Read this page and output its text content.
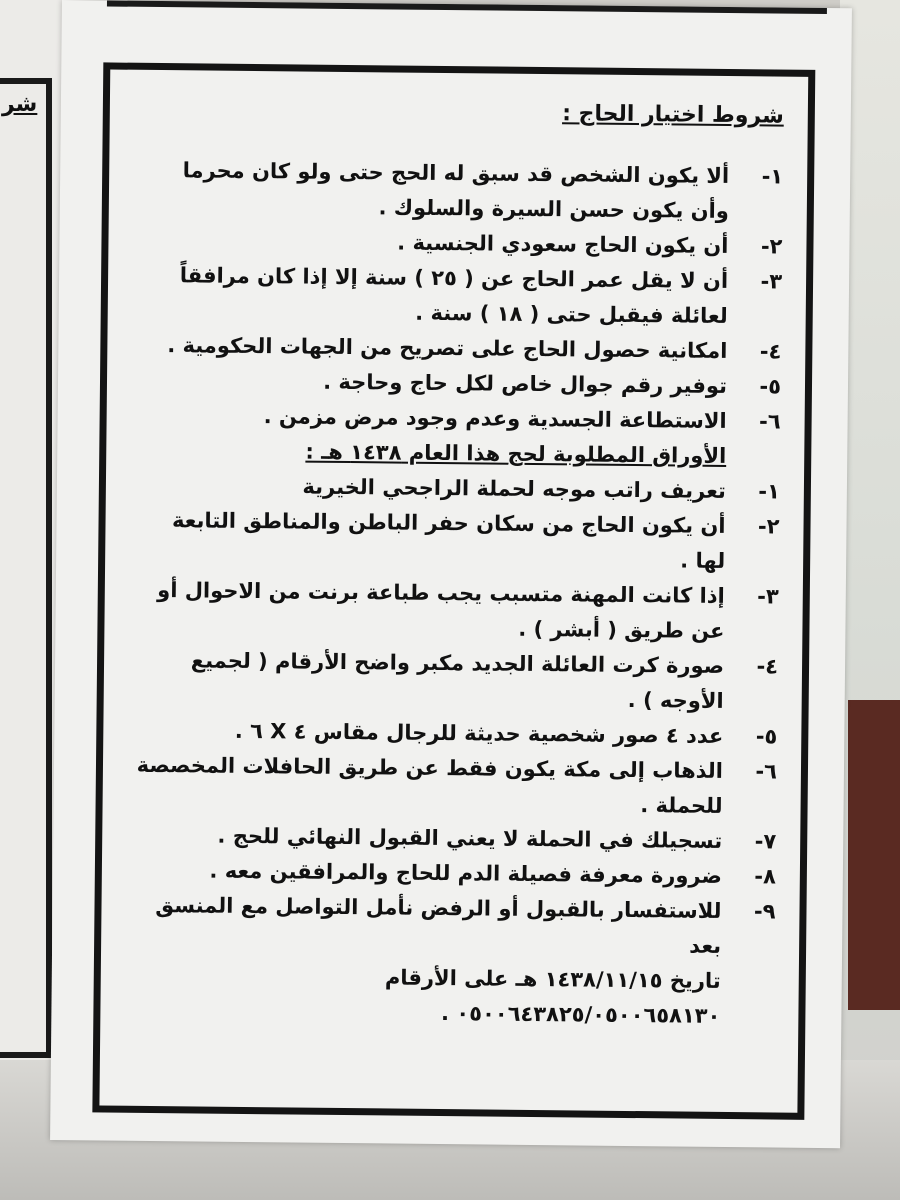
شر	شروط اختيار الحاج :
١-
ألا يكون الشخص قد سبق له الحج حتى ولو كان محرما وأن يكون حسن السيرة والسلوك .
٢-
أن يكون الحاج سعودي الجنسية .
٣-
أن لا يقل عمر الحاج عن ( ٢٥ ) سنة إلا إذا كان مرافقاً لعائلة فيقبل حتى ( ١٨ ) سنة .
٤-
امكانية حصول الحاج على تصريح من الجهات الحكومية .
٥-
توفير رقم جوال خاص لكل حاج وحاجة .
٦-
الاستطاعة الجسدية وعدم وجود مرض مزمن .
الأوراق المطلوبة لحج هذا العام ١٤٣٨ هـ :
١-
تعريف راتب موجه لحملة الراجحي الخيرية
٢-
أن يكون الحاج من سكان حفر الباطن والمناطق التابعة لها .
٣-
إذا كانت المهنة متسبب يجب طباعة برنت من الاحوال أو عن طريق ( أبشر ) .
٤-
صورة كرت العائلة الجديد مكبر واضح الأرقام ( لجميع الأوجه ) .
٥-
عدد ٤ صور شخصية حديثة للرجال مقاس ٤ X ٦ .
٦-
الذهاب إلى مكة يكون فقط عن طريق الحافلات المخصصة للحملة .
٧-
تسجيلك في الحملة لا يعني القبول النهائي للحج .
٨-
ضرورة معرفة فصيلة الدم للحاج والمرافقين معه .
٩-
للاستفسار بالقبول أو الرفض نأمل التواصل مع المنسق بعد
تاريخ ١٤٣٨/١١/١٥ هـ على الأرقام
٠٥٠٠٦٤٣٨٢٥/٠٥٠٠٦٥٨١٣٠ .
